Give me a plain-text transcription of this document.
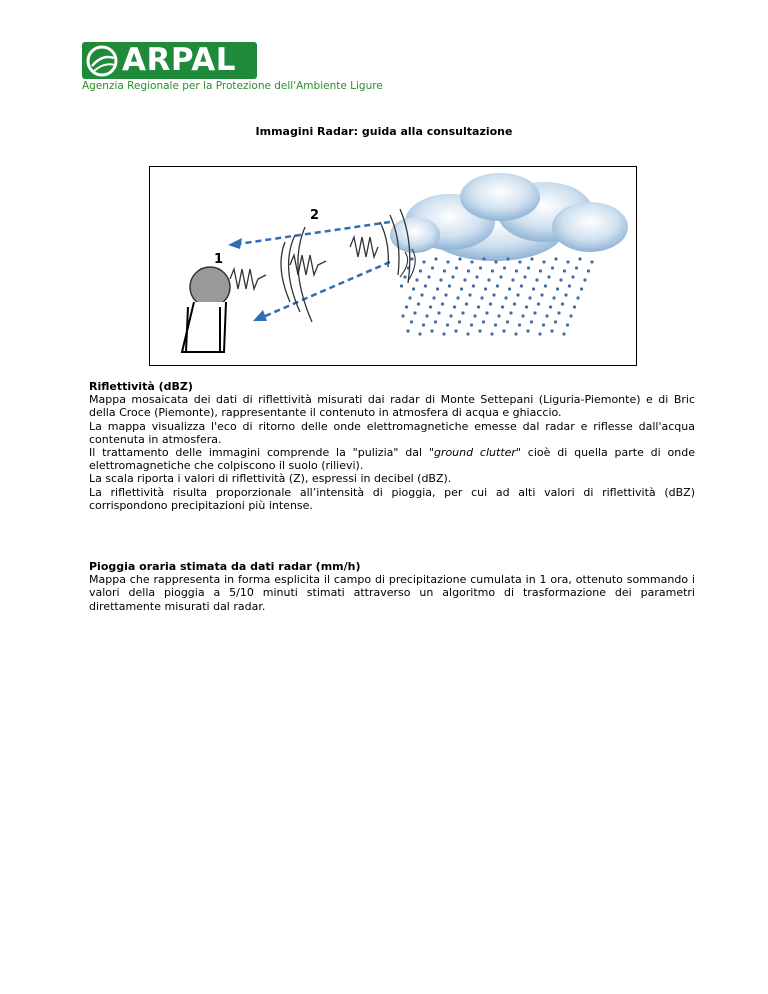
ARPAL
Agenzia Regionale per la Protezione dell'Ambiente Ligure
Immagini Radar: guida alla consultazione
1
2
Riflettività (dBZ)

Mappa mosaicata dei dati di riflettività misurati dai radar di Monte Settepani (Liguria-Piemonte) e di Bric della Croce (Piemonte), rappresentante il contenuto in atmosfera di acqua e ghiaccio.

La mappa visualizza l'eco di ritorno delle onde elettromagnetiche emesse dal radar e riflesse dall'acqua contenuta in atmosfera.

Il trattamento delle immagini comprende la "pulizia" dal "ground clutter" cioè di quella parte di onde elettromagnetiche che colpiscono il suolo (rilievi).

La scala riporta i valori di riflettività (Z), espressi in decibel (dBZ).

La riflettività risulta proporzionale all’intensità di pioggia, per cui ad alti valori di riflettività (dBZ) corrispondono precipitazioni più intense.

Pioggia oraria stimata da dati radar (mm/h)

Mappa che rappresenta in forma esplicita il campo di precipitazione cumulata in 1 ora, ottenuto sommando i valori della pioggia a 5/10 minuti stimati attraverso un algoritmo di trasformazione dei parametri direttamente misurati dal radar.
